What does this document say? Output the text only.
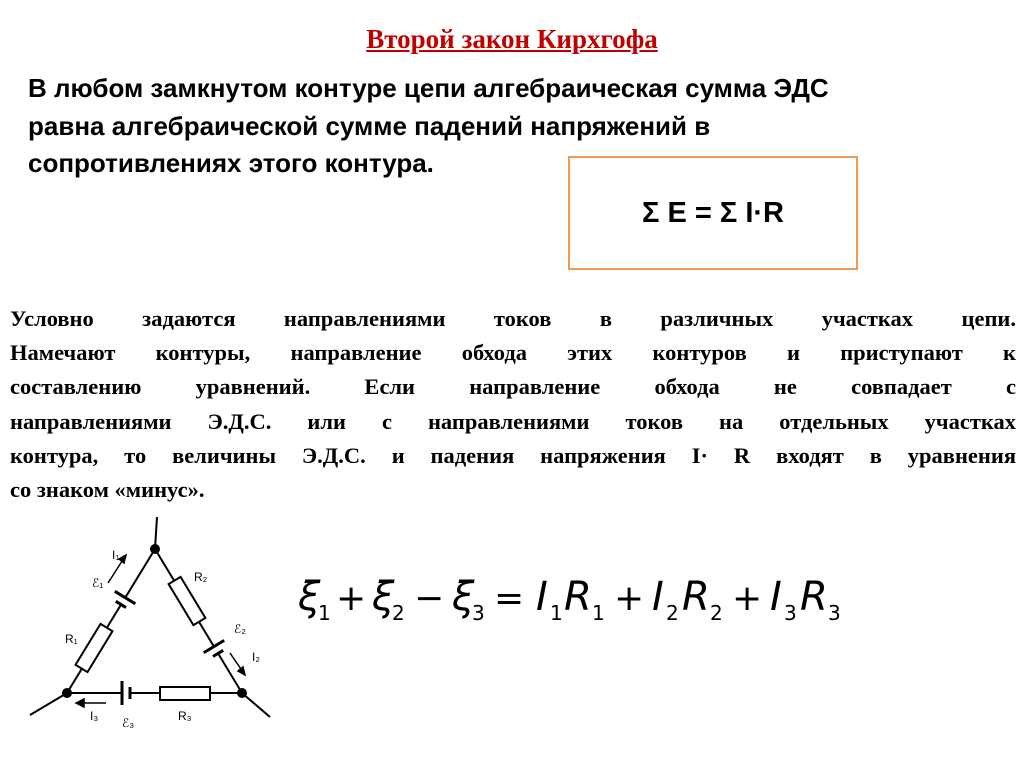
Второй закон Кирхгофа
В любом замкнутом контуре цепи алгебраическая сумма ЭДС
равна алгебраической сумме падений напряжений в
сопротивлениях этого контура.
Σ E = Σ I·R
Условно задаются направлениями токов в различных участках цепи.
Намечают контуры, направление обхода этих контуров и приступают к
составлению уравнений. Если направление обхода не совпадает с
направлениями Э.Д.С. или с направлениями токов на отдельных участках
контура, то величины Э.Д.С. и падения напряжения I· R входят в уравнения
со знаком «минус».
I₁
ℰ₁	R₂
ℰ₂
I₂
R₁
I₃	R₃
ℰ₃
ξ
1 + ξ
2 − ξ
3 = I 1 R 1 + I 2 R 2 + I 3 R 3
